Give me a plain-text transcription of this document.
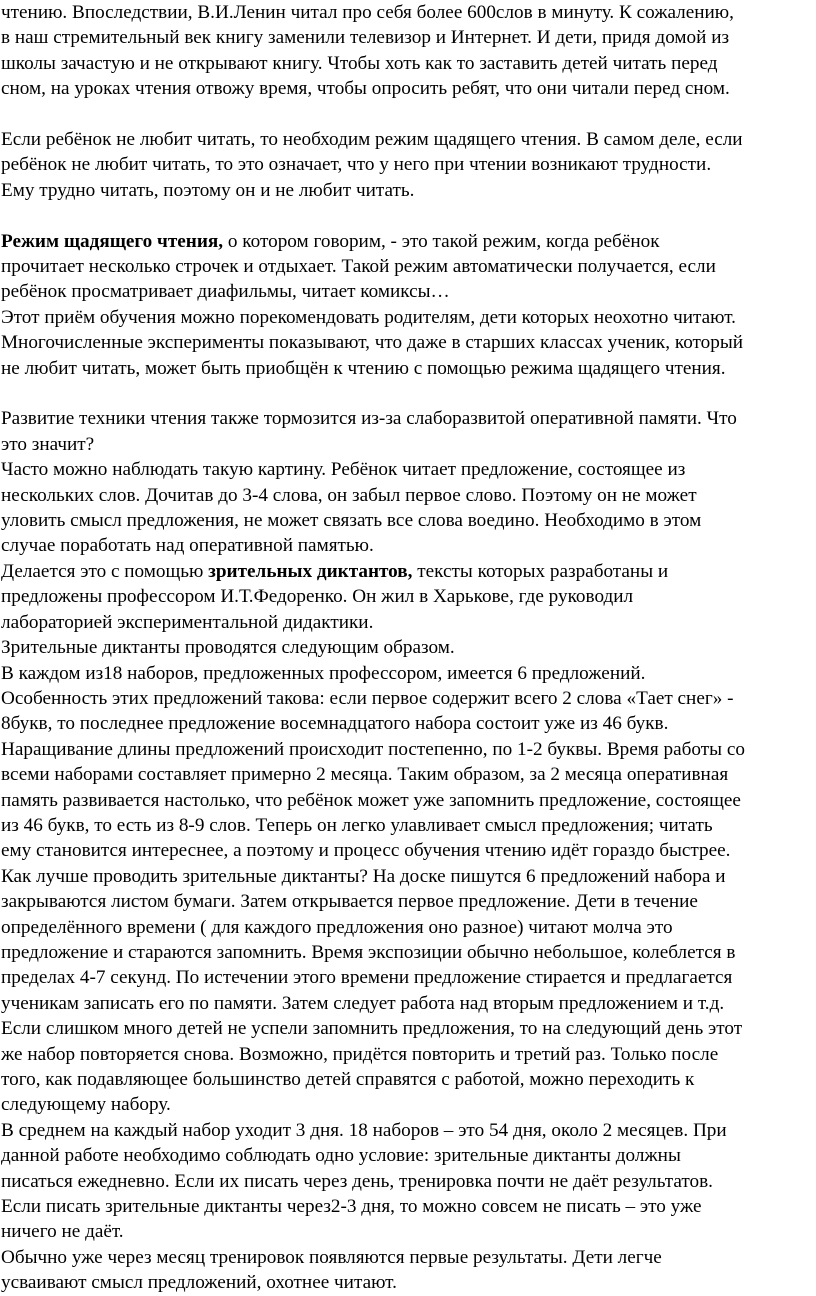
чтению. Впоследствии, В.И.Ленин читал про себя более 600слов в минуту. К сожалению,
в наш стремительный век книгу заменили телевизор и Интернет. И дети, придя домой из
школы зачастую и не открывают книгу. Чтобы хоть как то заставить детей читать перед
сном, на уроках чтения отвожу время, чтобы опросить ребят, что они читали перед сном.

Если ребёнок не любит читать, то необходим режим щадящего чтения. В самом деле, если
ребёнок не любит читать, то это означает, что у него при чтении возникают трудности.
Ему трудно читать, поэтому он и не любит читать.

Режим щадящего чтения, о котором говорим, - это такой режим, когда ребёнок
прочитает несколько строчек и отдыхает. Такой режим автоматически получается, если
ребёнок просматривает диафильмы, читает комиксы…

Этот приём обучения можно порекомендовать родителям, дети которых неохотно читают.
Многочисленные эксперименты показывают, что даже в старших классах ученик, который
не любит читать, может быть приобщён к чтению с помощью режима щадящего чтения.

Развитие техники чтения также тормозится из-за слаборазвитой оперативной памяти. Что
это значит?

Часто можно наблюдать такую картину. Ребёнок читает предложение, состоящее из
нескольких слов. Дочитав до 3-4 слова, он забыл первое слово. Поэтому он не может
уловить смысл предложения, не может связать все слова воедино. Необходимо в этом
случае поработать над оперативной памятью.

Делается это с помощью зрительных диктантов, тексты которых разработаны и
предложены профессором И.Т.Федоренко. Он жил в Харькове, где руководил
лабораторией экспериментальной дидактики.

Зрительные диктанты проводятся следующим образом.

В каждом из18 наборов, предложенных профессором, имеется 6 предложений.

Особенность этих предложений такова: если первое содержит всего 2 слова «Тает снег» -
8букв, то последнее предложение восемнадцатого набора состоит уже из 46 букв.

Наращивание длины предложений происходит постепенно, по 1-2 буквы. Время работы со
всеми наборами составляет примерно 2 месяца. Таким образом, за 2 месяца оперативная
память развивается настолько, что ребёнок может уже запомнить предложение, состоящее
из 46 букв, то есть из 8-9 слов. Теперь он легко улавливает смысл предложения; читать
ему становится интереснее, а поэтому и процесс обучения чтению идёт гораздо быстрее.

Как лучше проводить зрительные диктанты? На доске пишутся 6 предложений набора и
закрываются листом бумаги. Затем открывается первое предложение. Дети в течение
определённого времени ( для каждого предложения оно разное) читают молча это
предложение и стараются запомнить. Время экспозиции обычно небольшое, колеблется в
пределах 4-7 секунд. По истечении этого времени предложение стирается и предлагается
ученикам записать его по памяти. Затем следует работа над вторым предложением и т.д.

Если слишком много детей не успели запомнить предложения, то на следующий день этот
же набор повторяется снова. Возможно, придётся повторить и третий раз. Только после
того, как подавляющее большинство детей справятся с работой, можно переходить к
следующему набору.

В среднем на каждый набор уходит 3 дня. 18 наборов – это 54 дня, около 2 месяцев. При
данной работе необходимо соблюдать одно условие: зрительные диктанты должны
писаться ежедневно. Если их писать через день, тренировка почти не даёт результатов.
Если писать зрительные диктанты через2-3 дня, то можно совсем не писать – это уже
ничего не даёт.

Обычно уже через месяц тренировок появляются первые результаты. Дети легче
усваивают смысл предложений, охотнее читают.
